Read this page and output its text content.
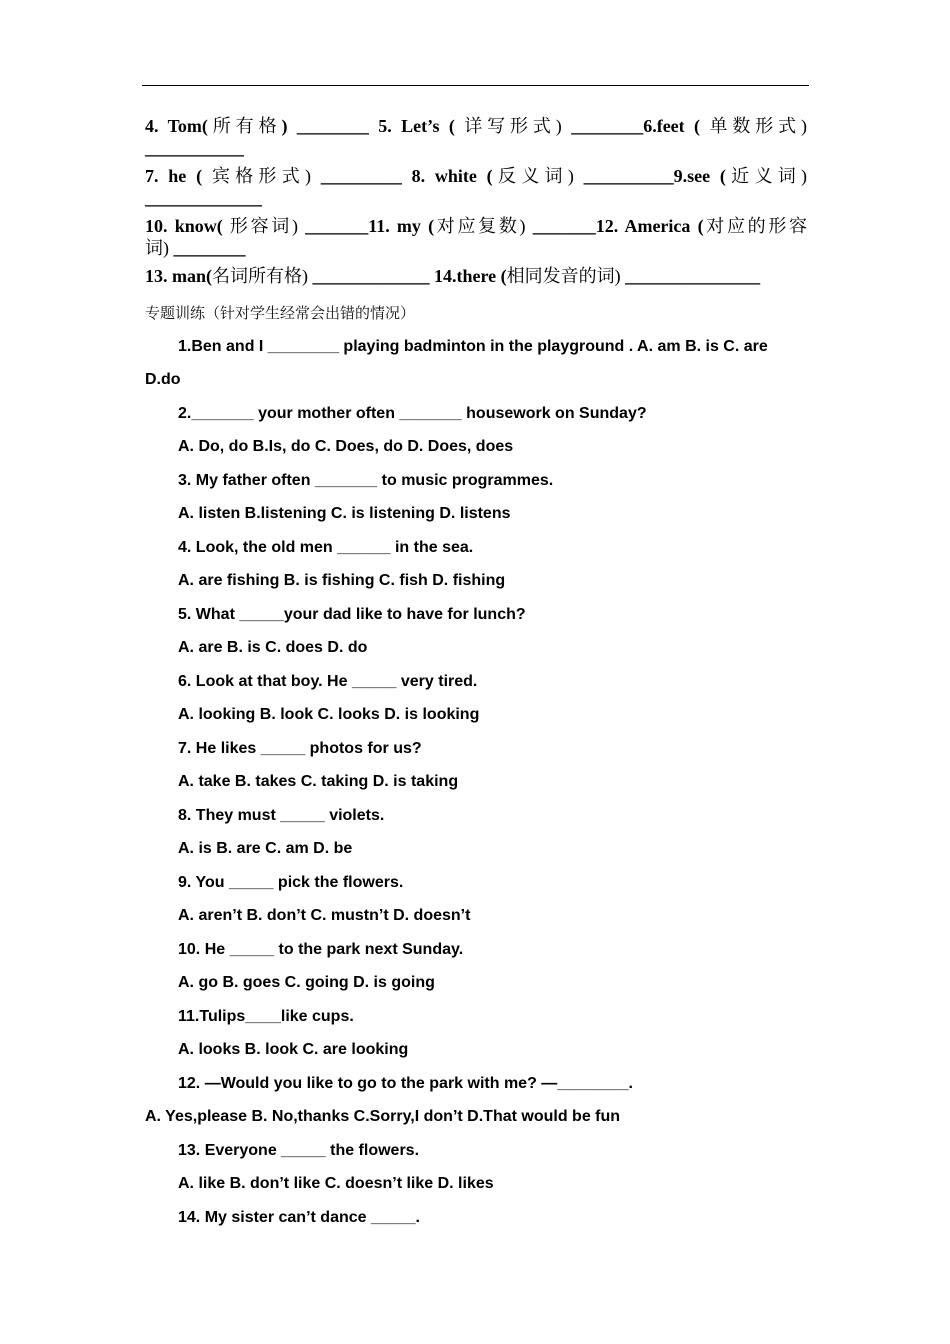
4. Tom(所有格) ________ 5. Let’s ( 详写形式) ________6.feet ( 单数形式)
___________
7. he ( 宾格形式) _________ 8. white (反义词) __________9.see (近义词)
_____________
10. know( 形容词) _______11. my (对应复数) _______12. America (对应的形容
词) ________
13. man(名词所有格) _____________ 14.there (相同发音的词) _______________
专题训练（针对学生经常会出错的情况）
1.Ben and I ________ playing badminton in the playground . A. am B. is C. are
D.do
2._______ your mother often _______ housework on Sunday?
A. Do, do B.Is, do C. Does, do D. Does, does
3. My father often _______ to music programmes.
A. listen B.listening C. is listening D. listens
4. Look, the old men ______ in the sea.
A. are fishing B. is fishing C. fish D. fishing
5. What _____your dad like to have for lunch?
A. are B. is C. does D. do
6. Look at that boy. He _____ very tired.
A. looking B. look C. looks D. is looking
7. He likes _____ photos for us?
A. take B. takes C. taking D. is taking
8. They must _____ violets.
A. is B. are C. am D. be
9. You _____ pick the flowers.
A. aren’t B. don’t C. mustn’t D. doesn’t
10. He _____ to the park next Sunday.
A. go B. goes C. going D. is going
11.Tulips____like cups.
A. looks B. look C. are looking
12. —Would you like to go to the park with me? —________.
A. Yes,please B. No,thanks C.Sorry,I don’t D.That would be fun
13. Everyone _____ the flowers.
A. like B. don’t like C. doesn’t like D. likes
14. My sister can’t dance _____.
